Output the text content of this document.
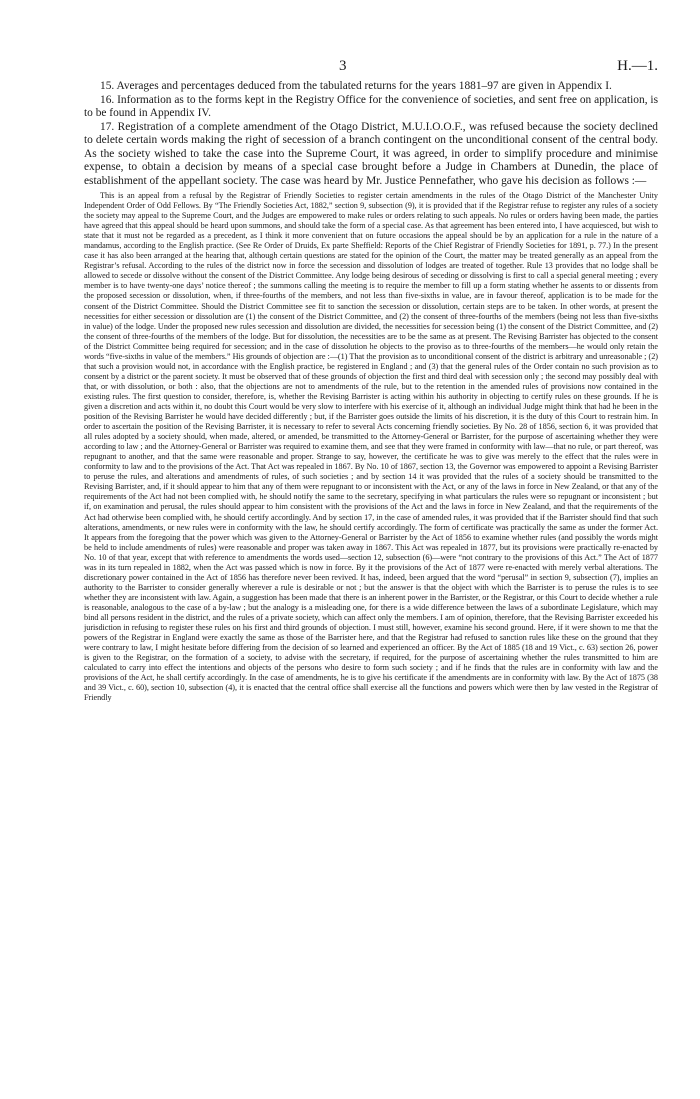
3	H.—1.

15. Averages and percentages deduced from the tabulated returns for the years 1881–97 are given in Appendix I.

16. Information as to the forms kept in the Registry Office for the convenience of societies, and sent free on application, is to be found in Appendix IV.

17. Registration of a complete amendment of the Otago District, M.U.I.O.O.F., was refused because the society declined to delete certain words making the right of secession of a branch contingent on the unconditional consent of the central body. As the society wished to take the case into the Supreme Court, it was agreed, in order to simplify procedure and minimise expense, to obtain a decision by means of a special case brought before a Judge in Chambers at Dunedin, the place of establishment of the appellant society. The case was heard by Mr. Justice Pennefather, who gave his decision as follows :—

This is an appeal from a refusal by the Registrar of Friendly Societies to register certain amendments in the rules of the Otago District of the Manchester Unity Independent Order of Odd Fellows. By “The Friendly Societies Act, 1882,” section 9, subsection (9), it is provided that if the Registrar refuse to register any rules of a society the society may appeal to the Supreme Court, and the Judges are empowered to make rules or orders relating to such appeals. No rules or orders having been made, the parties have agreed that this appeal should be heard upon summons, and should take the form of a special case. As that agreement has been entered into, I have acquiesced, but wish to state that it must not be regarded as a precedent, as I think it more convenient that on future occasions the appeal should be by an application for a rule in the nature of a mandamus, according to the English practice. (See Re Order of Druids, Ex parte Sheffield: Reports of the Chief Registrar of Friendly Societies for 1891, p. 77.) In the present case it has also been arranged at the hearing that, although certain questions are stated for the opinion of the Court, the matter may be treated generally as an appeal from the Registrar’s refusal. According to the rules of the district now in force the secession and dissolution of lodges are treated of together. Rule 13 provides that no lodge shall be allowed to secede or dissolve without the consent of the District Committee. Any lodge being desirous of seceding or dissolving is first to call a special general meeting ; every member is to have twenty-one days’ notice thereof ; the summons calling the meeting is to require the member to fill up a form stating whether he assents to or dissents from the proposed secession or dissolution, when, if three-fourths of the members, and not less than five-sixths in value, are in favour thereof, application is to be made for the consent of the District Committee. Should the District Committee see fit to sanction the secession or dissolution, certain steps are to be taken. In other words, at present the necessities for either secession or dissolution are (1) the consent of the District Committee, and (2) the consent of three-fourths of the members (being not less than five-sixths in value) of the lodge. Under the proposed new rules secession and dissolution are divided, the necessities for secession being (1) the consent of the District Committee, and (2) the consent of three-fourths of the members of the lodge. But for dissolution, the necessities are to be the same as at present. The Revising Barrister has objected to the consent of the District Committee being required for secession; and in the case of dissolution he objects to the proviso as to three-fourths of the members—he would only retain the words “five-sixths in value of the members.” His grounds of objection are :—(1) That the provision as to unconditional consent of the district is arbitrary and unreasonable ; (2) that such a provision would not, in accordance with the English practice, be registered in England ; and (3) that the general rules of the Order contain no such provision as to consent by a district or the parent society. It must be observed that of these grounds of objection the first and third deal with secession only ; the second may possibly deal with that, or with dissolution, or both : also, that the objections are not to amendments of the rule, but to the retention in the amended rules of provisions now contained in the existing rules. The first question to consider, therefore, is, whether the Revising Barrister is acting within his authority in objecting to certify rules on these grounds. If he is given a discretion and acts within it, no doubt this Court would be very slow to interfere with his exercise of it, although an individual Judge might think that had he been in the position of the Revising Barrister he would have decided differently ; but, if the Barrister goes outside the limits of his discretion, it is the duty of this Court to restrain him. In order to ascertain the position of the Revising Barrister, it is necessary to refer to several Acts concerning friendly societies. By No. 28 of 1856, section 6, it was provided that all rules adopted by a society should, when made, altered, or amended, be transmitted to the Attorney-General or Barrister, for the purpose of ascertaining whether they were according to law ; and the Attorney-General or Barrister was required to examine them, and see that they were framed in conformity with law—that no rule, or part thereof, was repugnant to another, and that the same were reasonable and proper. Strange to say, however, the certificate he was to give was merely to the effect that the rules were in conformity to law and to the provisions of the Act. That Act was repealed in 1867. By No. 10 of 1867, section 13, the Governor was empowered to appoint a Revising Barrister to peruse the rules, and alterations and amendments of rules, of such societies ; and by section 14 it was provided that the rules of a society should be transmitted to the Revising Barrister, and, if it should appear to him that any of them were repugnant to or inconsistent with the Act, or any of the laws in force in New Zealand, or that any of the requirements of the Act had not been complied with, he should notify the same to the secretary, specifying in what particulars the rules were so repugnant or inconsistent ; but if, on examination and perusal, the rules should appear to him consistent with the provisions of the Act and the laws in force in New Zealand, and that the requirements of the Act had otherwise been complied with, he should certify accordingly. And by section 17, in the case of amended rules, it was provided that if the Barrister should find that such alterations, amendments, or new rules were in conformity with the law, he should certify accordingly. The form of certificate was practically the same as under the former Act. It appears from the foregoing that the power which was given to the Attorney-General or Barrister by the Act of 1856 to examine whether rules (and possibly the words might be held to include amendments of rules) were reasonable and proper was taken away in 1867. This Act was repealed in 1877, but its provisions were practically re-enacted by No. 10 of that year, except that with reference to amendments the words used—section 12, subsection (6)—were “not contrary to the provisions of this Act.” The Act of 1877 was in its turn repealed in 1882, when the Act was passed which is now in force. By it the provisions of the Act of 1877 were re-enacted with merely verbal alterations. The discretionary power contained in the Act of 1856 has therefore never been revived. It has, indeed, been argued that the word “perusal” in section 9, subsection (7), implies an authority to the Barrister to consider generally wherever a rule is desirable or not ; but the answer is that the object with which the Barrister is to peruse the rules is to see whether they are inconsistent with law. Again, a suggestion has been made that there is an inherent power in the Barrister, or the Registrar, or this Court to decide whether a rule is reasonable, analogous to the case of a by-law ; but the analogy is a misleading one, for there is a wide difference between the laws of a subordinate Legislature, which may bind all persons resident in the district, and the rules of a private society, which can affect only the members. I am of opinion, therefore, that the Revising Barrister exceeded his jurisdiction in refusing to register these rules on his first and third grounds of objection. I must still, however, examine his second ground. Here, if it were shown to me that the powers of the Registrar in England were exactly the same as those of the Barrister here, and that the Registrar had refused to sanction rules like these on the ground that they were contrary to law, I might hesitate before differing from the decision of so learned and experienced an officer. By the Act of 1885 (18 and 19 Vict., c. 63) section 26, power is given to the Registrar, on the formation of a society, to advise with the secretary, if required, for the purpose of ascertaining whether the rules transmitted to him are calculated to carry into effect the intentions and objects of the persons who desire to form such society ; and if he finds that the rules are in conformity with law and the provisions of the Act, he shall certify accordingly. In the case of amendments, he is to give his certificate if the amendments are in conformity with law. By the Act of 1875 (38 and 39 Vict., c. 60), section 10, subsection (4), it is enacted that the central office shall exercise all the functions and powers which were then by law vested in the Registrar of Friendly
